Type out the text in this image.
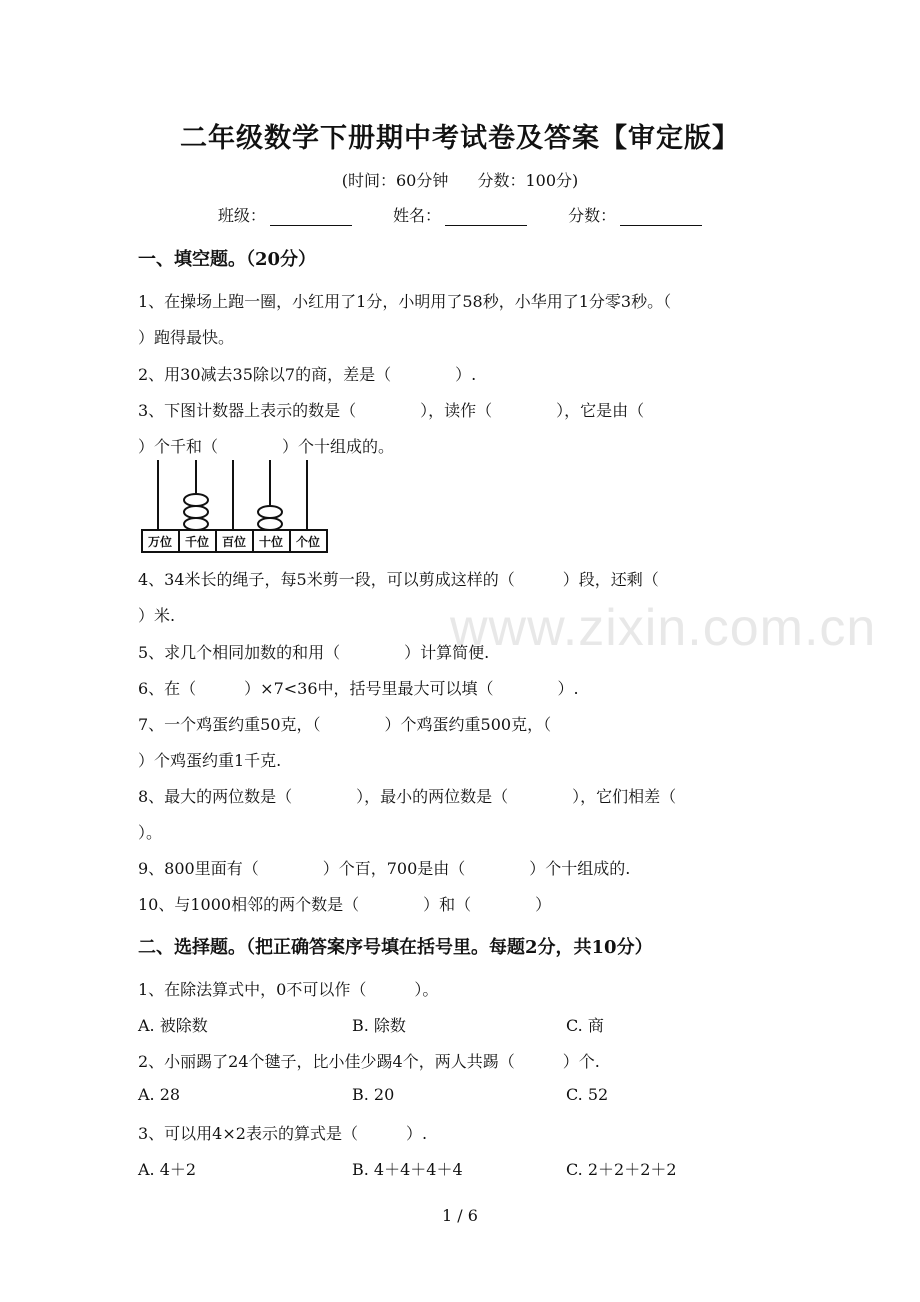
二年级数学下册期中考试卷及答案【审定版】
(时间：60分钟 分数：100分)
班级：	姓名：	分数：
一、填空题。（20分）
1、在操场上跑一圈，小红用了1分，小明用了58秒，小华用了1分零3秒。（
）跑得最快。
2、用30减去35除以7的商，差是（　　　　）.
3、下图计数器上表示的数是（　　　　），读作（　　　　），它是由（
）个千和（　　　　）个十组成的。
万位 千位 百位 十位 个位
4、34米长的绳子，每5米剪一段，可以剪成这样的（　　　）段，还剩（
）米.
5、求几个相同加数的和用（　　　　）计算简便.
6、在（　　　）×7<36中，括号里最大可以填（　　　　）.
7、一个鸡蛋约重50克，（　　　　）个鸡蛋约重500克，（
）个鸡蛋约重1千克.
8、最大的两位数是（　　　　），最小的两位数是（　　　　），它们相差（
）。
9、800里面有（　　　　）个百，700是由（　　　　）个十组成的.
10、与1000相邻的两个数是（　　　　）和（　　　　）
二、选择题。（把正确答案序号填在括号里。每题2分，共10分）
1、在除法算式中，0不可以作（　　　）。
A. 被除数	B. 除数	C. 商
2、小丽踢了24个毽子，比小佳少踢4个，两人共踢（　　　）个.
A. 28	B. 20	C. 52
3、可以用4×2表示的算式是（　　　）.
A. 4＋2	B. 4＋4＋4＋4	C. 2＋2＋2＋2
www.zixin.com.cn
1 / 6
